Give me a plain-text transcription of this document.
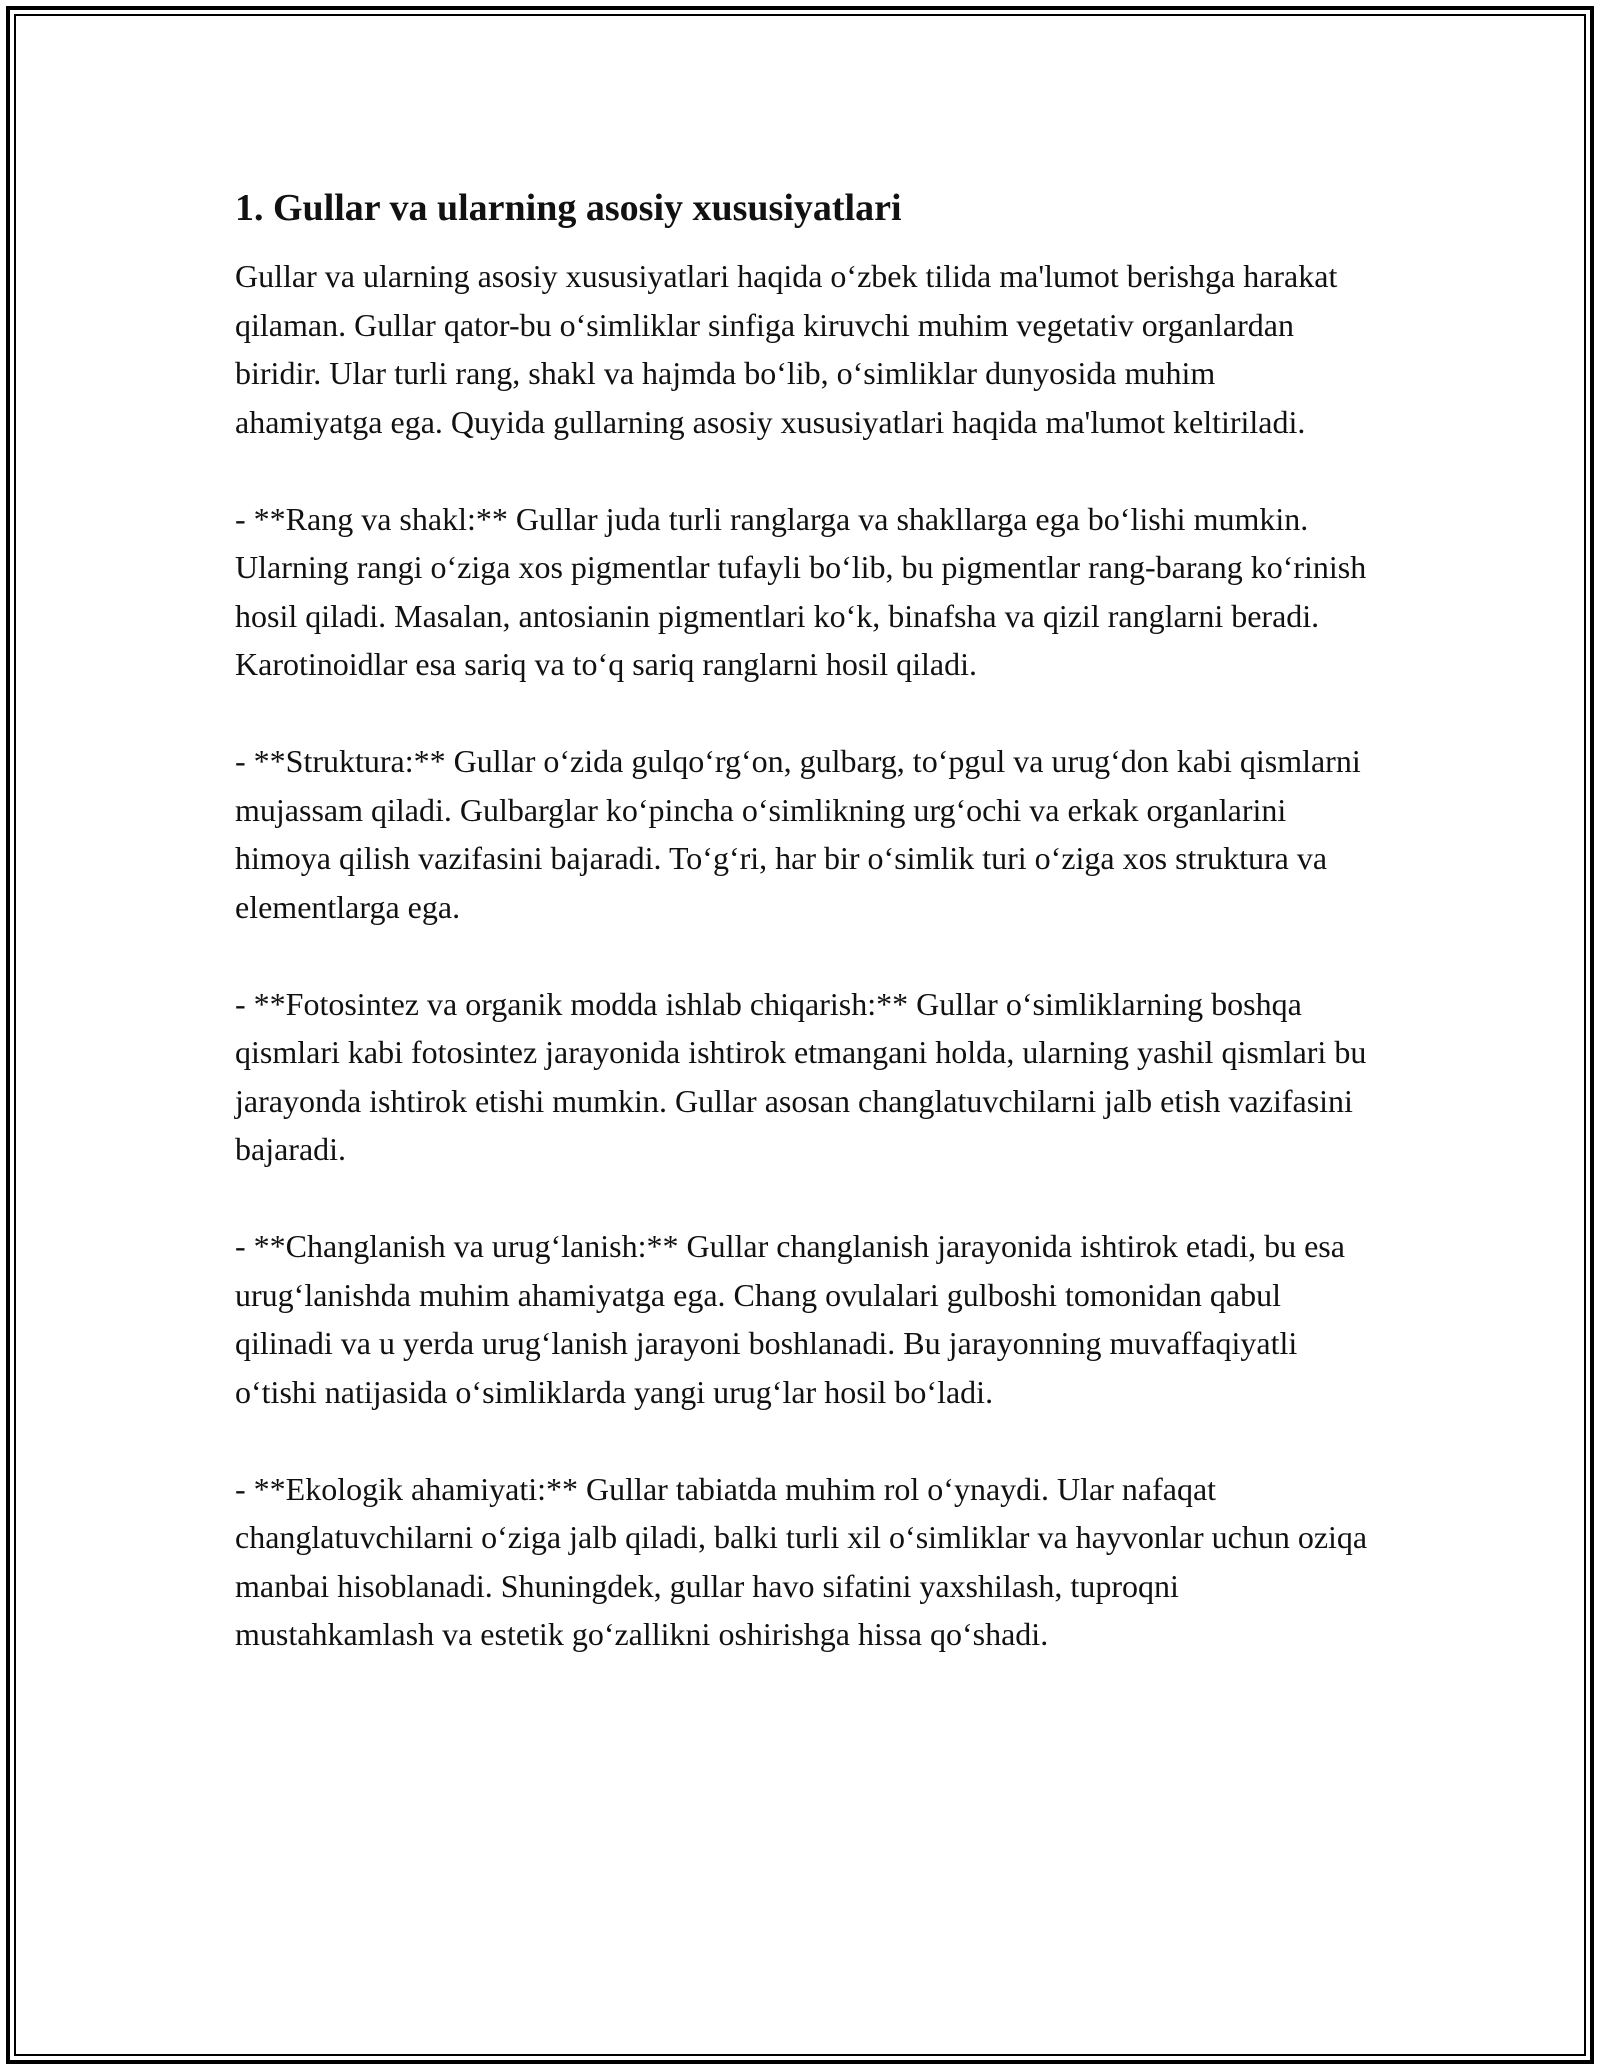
1. Gullar va ularning asosiy xususiyatlari

Gullar va ularning asosiy xususiyatlari haqida o‘zbek tilida ma'lumot berishga harakat qilaman. Gullar qator-bu o‘simliklar sinfiga kiruvchi muhim vegetativ organlardan biridir. Ular turli rang, shakl va hajmda bo‘lib, o‘simliklar dunyosida muhim ahamiyatga ega. Quyida gullarning asosiy xususiyatlari haqida ma'lumot keltiriladi.

- **Rang va shakl:** Gullar juda turli ranglarga va shakllarga ega bo‘lishi mumkin. Ularning rangi o‘ziga xos pigmentlar tufayli bo‘lib, bu pigmentlar rang-barang ko‘rinish hosil qiladi. Masalan, antosianin pigmentlari ko‘k, binafsha va qizil ranglarni beradi. Karotinoidlar esa sariq va to‘q sariq ranglarni hosil qiladi.

- **Struktura:** Gullar o‘zida gulqo‘rg‘on, gulbarg, to‘pgul va urug‘don kabi qismlarni mujassam qiladi. Gulbarglar ko‘pincha o‘simlikning urg‘ochi va erkak organlarini himoya qilish vazifasini bajaradi. To‘g‘ri, har bir o‘simlik turi o‘ziga xos struktura va elementlarga ega.

- **Fotosintez va organik modda ishlab chiqarish:** Gullar o‘simliklarning boshqa qismlari kabi fotosintez jarayonida ishtirok etmangani holda, ularning yashil qismlari bu jarayonda ishtirok etishi mumkin. Gullar asosan changlatuvchilarni jalb etish vazifasini bajaradi.

- **Changlanish va urug‘lanish:** Gullar changlanish jarayonida ishtirok etadi, bu esa urug‘lanishda muhim ahamiyatga ega. Chang ovulalari gulboshi tomonidan qabul qilinadi va u yerda urug‘lanish jarayoni boshlanadi. Bu jarayonning muvaffaqiyatli o‘tishi natijasida o‘simliklarda yangi urug‘lar hosil bo‘ladi.

- **Ekologik ahamiyati:** Gullar tabiatda muhim rol o‘ynaydi. Ular nafaqat changlatuvchilarni o‘ziga jalb qiladi, balki turli xil o‘simliklar va hayvonlar uchun oziqa manbai hisoblanadi. Shuningdek, gullar havo sifatini yaxshilash, tuproqni mustahkamlash va estetik go‘zallikni oshirishga hissa qo‘shadi.
